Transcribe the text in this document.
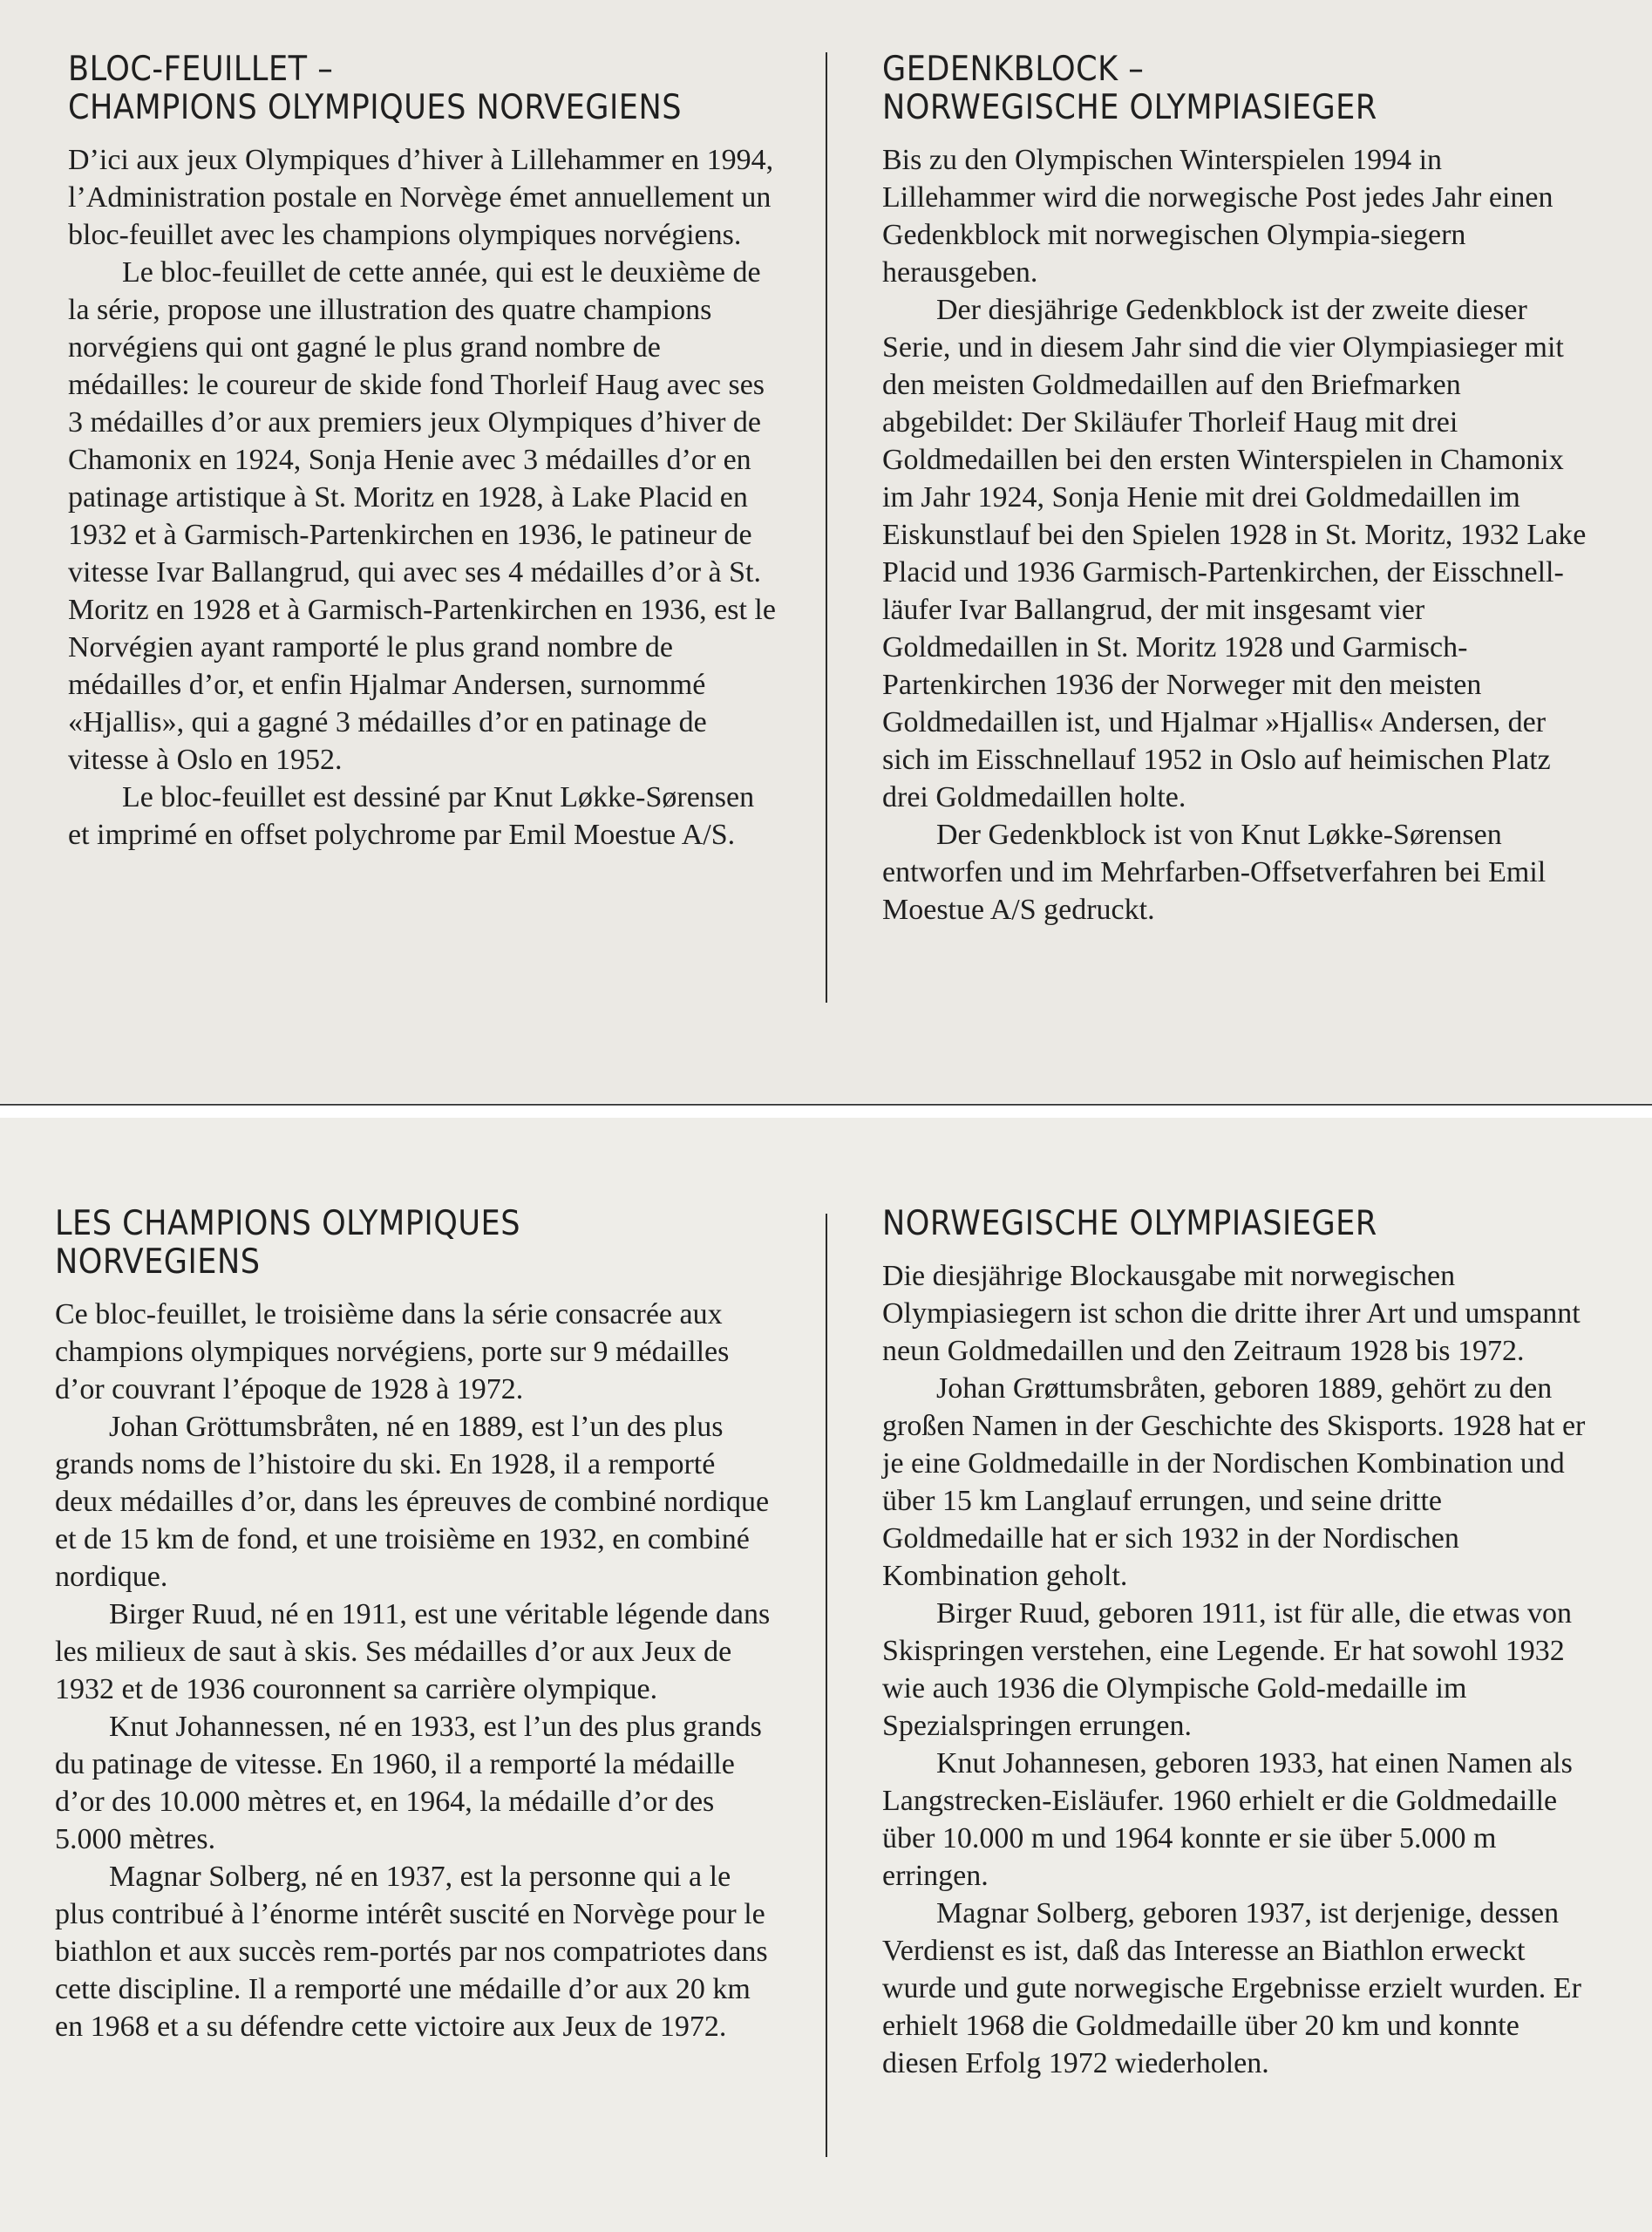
BLOC-FEUILLET –
CHAMPIONS OLYMPIQUES NORVEGIENS

D’ici aux jeux Olympiques d’hiver à Lillehammer en 1994, l’Administration postale en Norvège émet annuellement un bloc-feuillet avec les champions olympiques norvégiens.

Le bloc-feuillet de cette année, qui est le deuxième de la série, propose une illustration des quatre champions norvégiens qui ont gagné le plus grand nombre de médailles: le coureur de skide fond Thorleif Haug avec ses 3 médailles d’or aux premiers jeux Olympiques d’hiver de Chamonix en 1924, Sonja Henie avec 3 médailles d’or en patinage artistique à St. Moritz en 1928, à Lake Placid en 1932 et à Garmisch-Partenkirchen en 1936, le patineur de vitesse Ivar Ballangrud, qui avec ses 4 médailles d’or à St. Moritz en 1928 et à Garmisch-Partenkirchen en 1936, est le Norvégien ayant ramporté le plus grand nombre de médailles d’or, et enfin Hjalmar Andersen, surnommé «Hjallis», qui a gagné 3 médailles d’or en patinage de vitesse à Oslo en 1952.

Le bloc-feuillet est dessiné par Knut Løkke-Sørensen et imprimé en offset polychrome par Emil Moestue A/S.

GEDENKBLOCK –
NORWEGISCHE OLYMPIASIEGER

Bis zu den Olympischen Winterspielen 1994 in Lillehammer wird die norwegische Post jedes Jahr einen Gedenkblock mit norwegischen Olympia-siegern herausgeben.

Der diesjährige Gedenkblock ist der zweite dieser Serie, und in diesem Jahr sind die vier Olympiasieger mit den meisten Goldmedaillen auf den Briefmarken abgebildet: Der Skiläufer Thorleif Haug mit drei Goldmedaillen bei den ersten Winterspielen in Chamonix im Jahr 1924, Sonja Henie mit drei Goldmedaillen im Eiskunstlauf bei den Spielen 1928 in St. Moritz, 1932 Lake Placid und 1936 Garmisch-Partenkirchen, der Eisschnell-läufer Ivar Ballangrud, der mit insgesamt vier Goldmedaillen in St. Moritz 1928 und Garmisch-Partenkirchen 1936 der Norweger mit den meisten Goldmedaillen ist, und Hjalmar »Hjallis« Andersen, der sich im Eisschnellauf 1952 in Oslo auf heimischen Platz drei Goldmedaillen holte.

Der Gedenkblock ist von Knut Løkke-Sørensen entworfen und im Mehrfarben-Offsetverfahren bei Emil Moestue A/S gedruckt.

LES CHAMPIONS OLYMPIQUES
NORVEGIENS

Ce bloc-feuillet, le troisième dans la série consacrée aux champions olympiques norvégiens, porte sur 9 médailles d’or couvrant l’époque de 1928 à 1972.

Johan Gröttumsbråten, né en 1889, est l’un des plus grands noms de l’histoire du ski. En 1928, il a remporté deux médailles d’or, dans les épreuves de combiné nordique et de 15 km de fond, et une troisième en 1932, en combiné nordique.

Birger Ruud, né en 1911, est une véritable légende dans les milieux de saut à skis. Ses médailles d’or aux Jeux de 1932 et de 1936 couronnent sa carrière olympique.

Knut Johannessen, né en 1933, est l’un des plus grands du patinage de vitesse. En 1960, il a remporté la médaille d’or des 10.000 mètres et, en 1964, la médaille d’or des 5.000 mètres.

Magnar Solberg, né en 1937, est la personne qui a le plus contribué à l’énorme intérêt suscité en Norvège pour le biathlon et aux succès rem-portés par nos compatriotes dans cette discipline. Il a remporté une médaille d’or aux 20 km en 1968 et a su défendre cette victoire aux Jeux de 1972.

NORWEGISCHE OLYMPIASIEGER

Die diesjährige Blockausgabe mit norwegischen Olympiasiegern ist schon die dritte ihrer Art und umspannt neun Goldmedaillen und den Zeitraum 1928 bis 1972.

Johan Grøttumsbråten, geboren 1889, gehört zu den großen Namen in der Geschichte des Skisports. 1928 hat er je eine Goldmedaille in der Nordischen Kombination und über 15 km Langlauf errungen, und seine dritte Goldmedaille hat er sich 1932 in der Nordischen Kombination geholt.

Birger Ruud, geboren 1911, ist für alle, die etwas von Skispringen verstehen, eine Legende. Er hat sowohl 1932 wie auch 1936 die Olympische Gold-medaille im Spezialspringen errungen.

Knut Johannesen, geboren 1933, hat einen Namen als Langstrecken-Eisläufer. 1960 erhielt er die Goldmedaille über 10.000 m und 1964 konnte er sie über 5.000 m erringen.

Magnar Solberg, geboren 1937, ist derjenige, dessen Verdienst es ist, daß das Interesse an Biathlon erweckt wurde und gute norwegische Ergebnisse erzielt wurden. Er erhielt 1968 die Goldmedaille über 20 km und konnte diesen Erfolg 1972 wiederholen.
